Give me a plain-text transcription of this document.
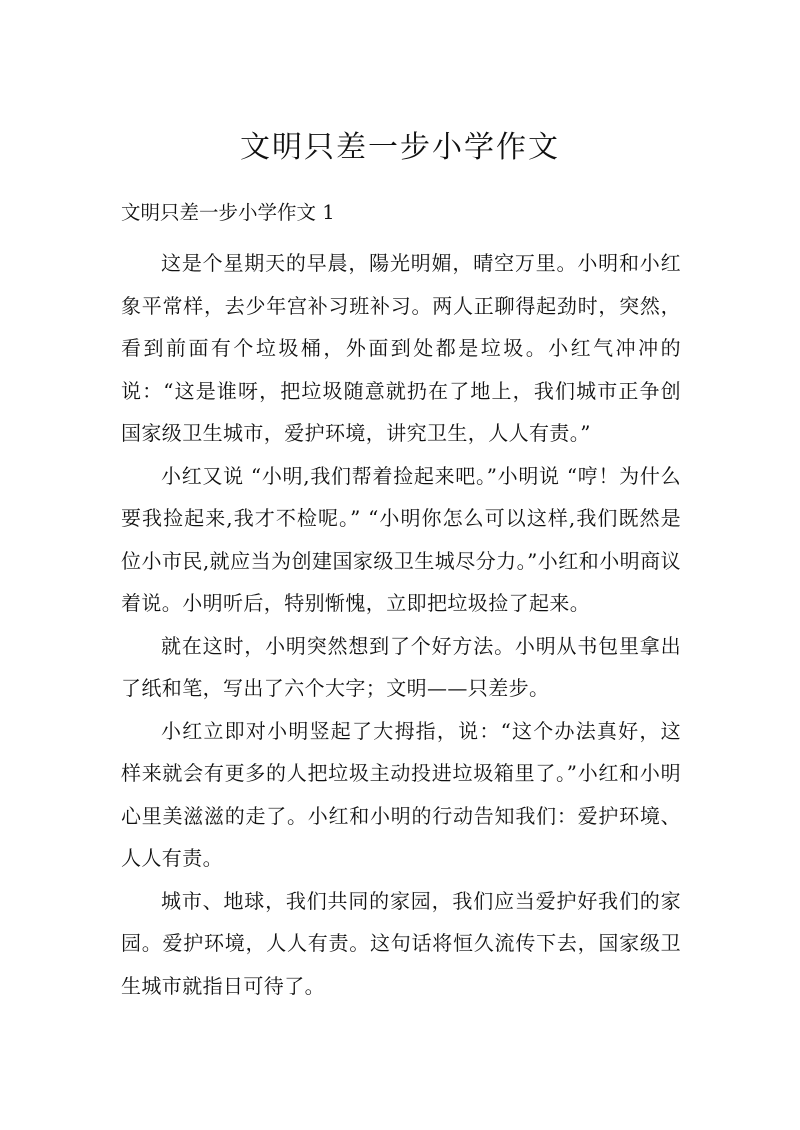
文明只差一步小学作文

文明只差一步小学作文 1

这是个星期天的早晨，陽光明媚，晴空万里。小明和小红象平常样，去少年宫补习班补习。两人正聊得起劲时，突然，看到前面有个垃圾桶，外面到处都是垃圾。小红气冲冲的说：“这是谁呀，把垃圾随意就扔在了地上，我们城市正争创国家级卫生城市，爱护环境，讲究卫生，人人有责。”

小红又说 “小明,我们帮着捡起来吧。”小明说 “哼！为什么要我捡起来,我才不检呢。” “小明你怎么可以这样,我们既然是位小市民,就应当为创建国家级卫生城尽分力。”小红和小明商议着说。小明听后，特别惭愧，立即把垃圾捡了起来。

就在这时，小明突然想到了个好方法。小明从书包里拿出了纸和笔，写出了六个大字；文明——只差步。

小红立即对小明竖起了大拇指，说：“这个办法真好，这样来就会有更多的人把垃圾主动投进垃圾箱里了。”小红和小明心里美滋滋的走了。小红和小明的行动告知我们：爱护环境、人人有责。

城市、地球，我们共同的家园，我们应当爱护好我们的家园。爱护环境，人人有责。这句话将恒久流传下去，国家级卫生城市就指日可待了。
